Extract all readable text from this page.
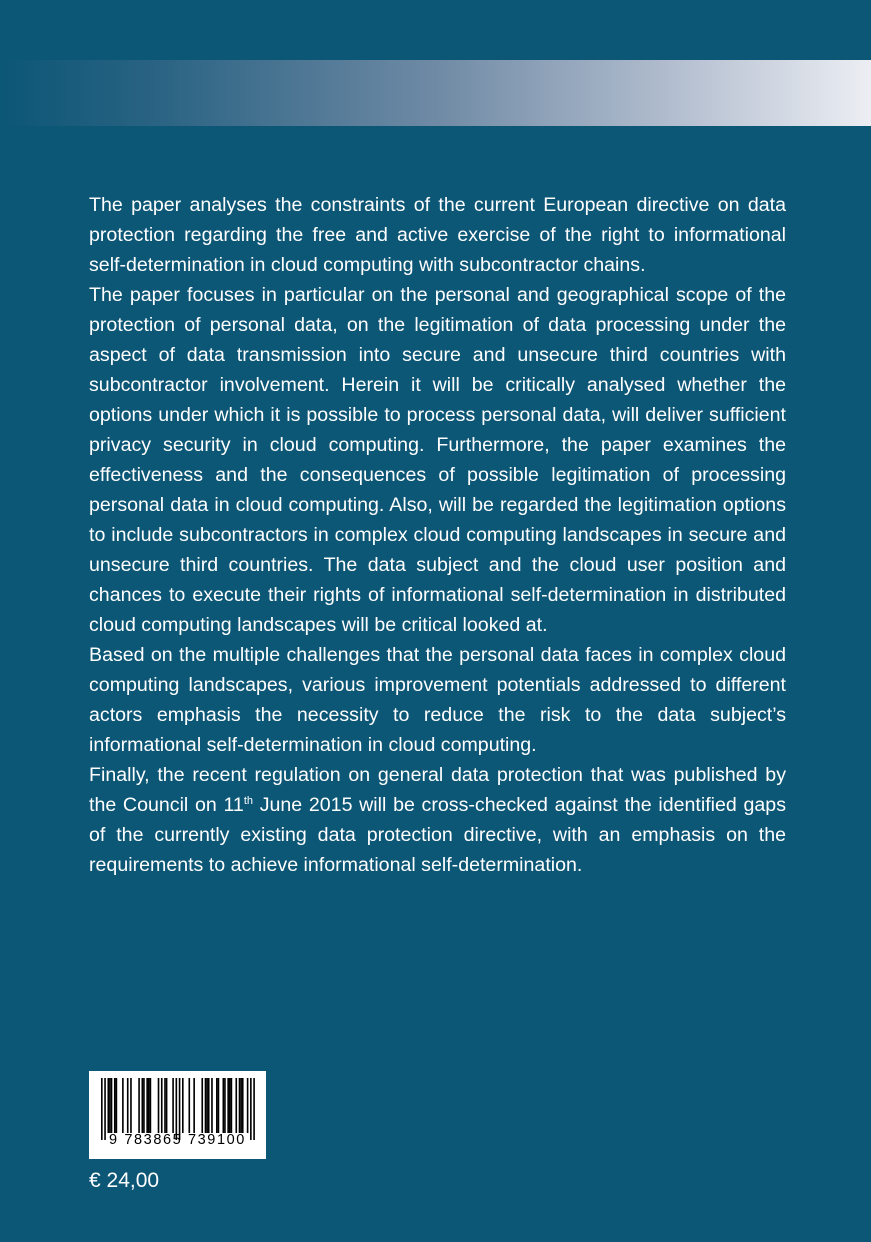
The paper analyses the constraints of the current European directive on data protection regarding the free and active exercise of the right to informational self-determination in cloud computing with subcontractor chains.

The paper focuses in particular on the personal and geographical scope of the protection of personal data, on the legitimation of data processing under the aspect of data transmission into secure and unsecure third countries with subcontractor involvement. Herein it will be critically analysed whether the options under which it is possible to process personal data, will deliver sufficient privacy security in cloud computing. Furthermore, the paper examines the effectiveness and the consequences of possible legitimation of processing personal data in cloud computing. Also, will be regarded the legitimation options to include subcontractors in complex cloud computing landscapes in secure and unsecure third countries. The data subject and the cloud user position and chances to execute their rights of informational self-determination in distributed cloud computing landscapes will be critical looked at.

Based on the multiple challenges that the personal data faces in complex cloud computing landscapes, various improvement potentials addressed to different actors emphasis the necessity to reduce the risk to the data subject’s informational self-determination in cloud computing.

Finally, the recent regulation on general data protection that was published by the Council on 11th June 2015 will be cross-checked against the identified gaps of the currently existing data protection directive, with an emphasis on the requirements to achieve informational self-determination.

9 783865 739100
€ 24,00
